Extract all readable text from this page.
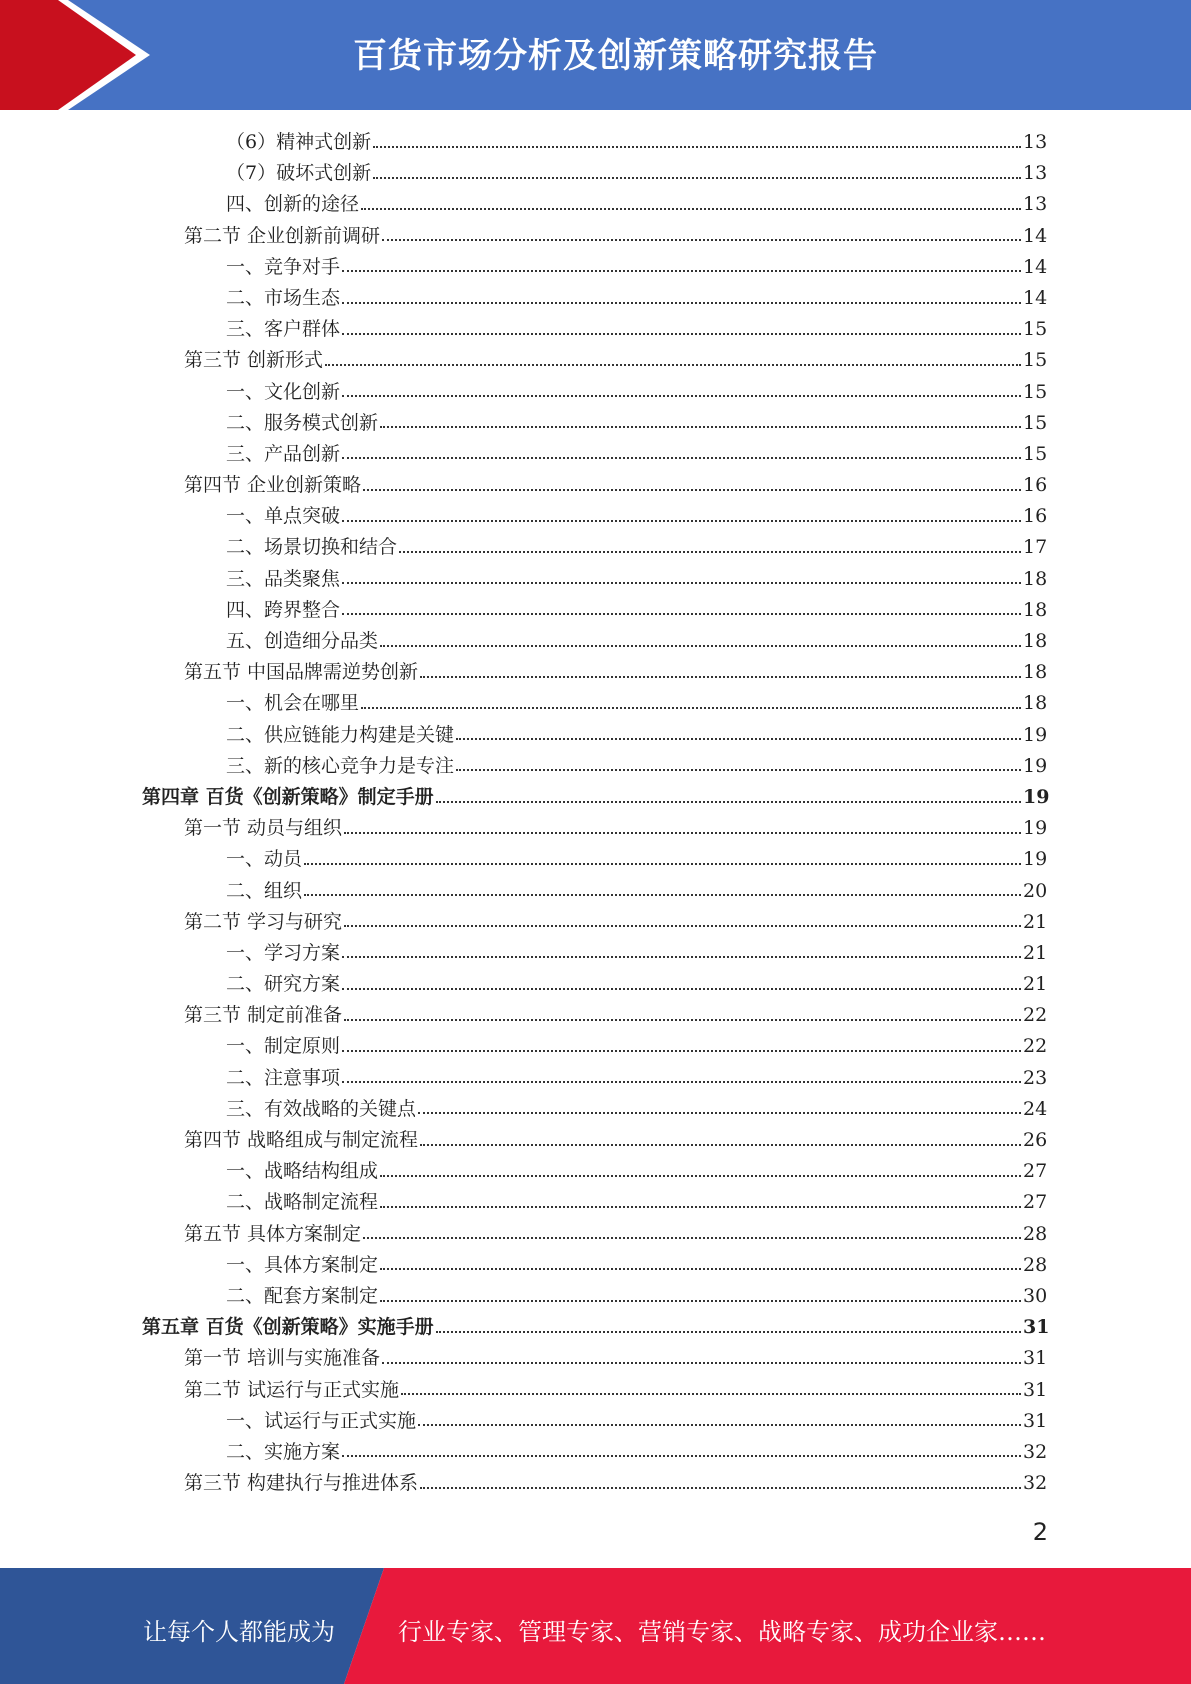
百货市场分析及创新策略研究报告
（6）精神式创新	13
（7）破坏式创新	13
四、创新的途径	13
第二节 企业创新前调研	14
一、竞争对手	14
二、市场生态	14
三、客户群体	15
第三节 创新形式	15
一、文化创新	15
二、服务模式创新	15
三、产品创新	15
第四节 企业创新策略	16
一、单点突破	16
二、场景切换和结合	17
三、品类聚焦	18
四、跨界整合	18
五、创造细分品类	18
第五节 中国品牌需逆势创新	18
一、机会在哪里	18
二、供应链能力构建是关键	19
三、新的核心竞争力是专注	19
第四章 百货《创新策略》制定手册	19
第一节 动员与组织	19
一、动员	19
二、组织	20
第二节 学习与研究	21
一、学习方案	21
二、研究方案	21
第三节 制定前准备	22
一、制定原则	22
二、注意事项	23
三、有效战略的关键点	24
第四节 战略组成与制定流程	26
一、战略结构组成	27
二、战略制定流程	27
第五节 具体方案制定	28
一、具体方案制定	28
二、配套方案制定	30
第五章 百货《创新策略》实施手册	31
第一节 培训与实施准备	31
第二节 试运行与正式实施	31
一、试运行与正式实施	31
二、实施方案	32
第三节 构建执行与推进体系	32
2
让每个人都能成为	行业专家、管理专家、营销专家、战略专家、成功企业家……
